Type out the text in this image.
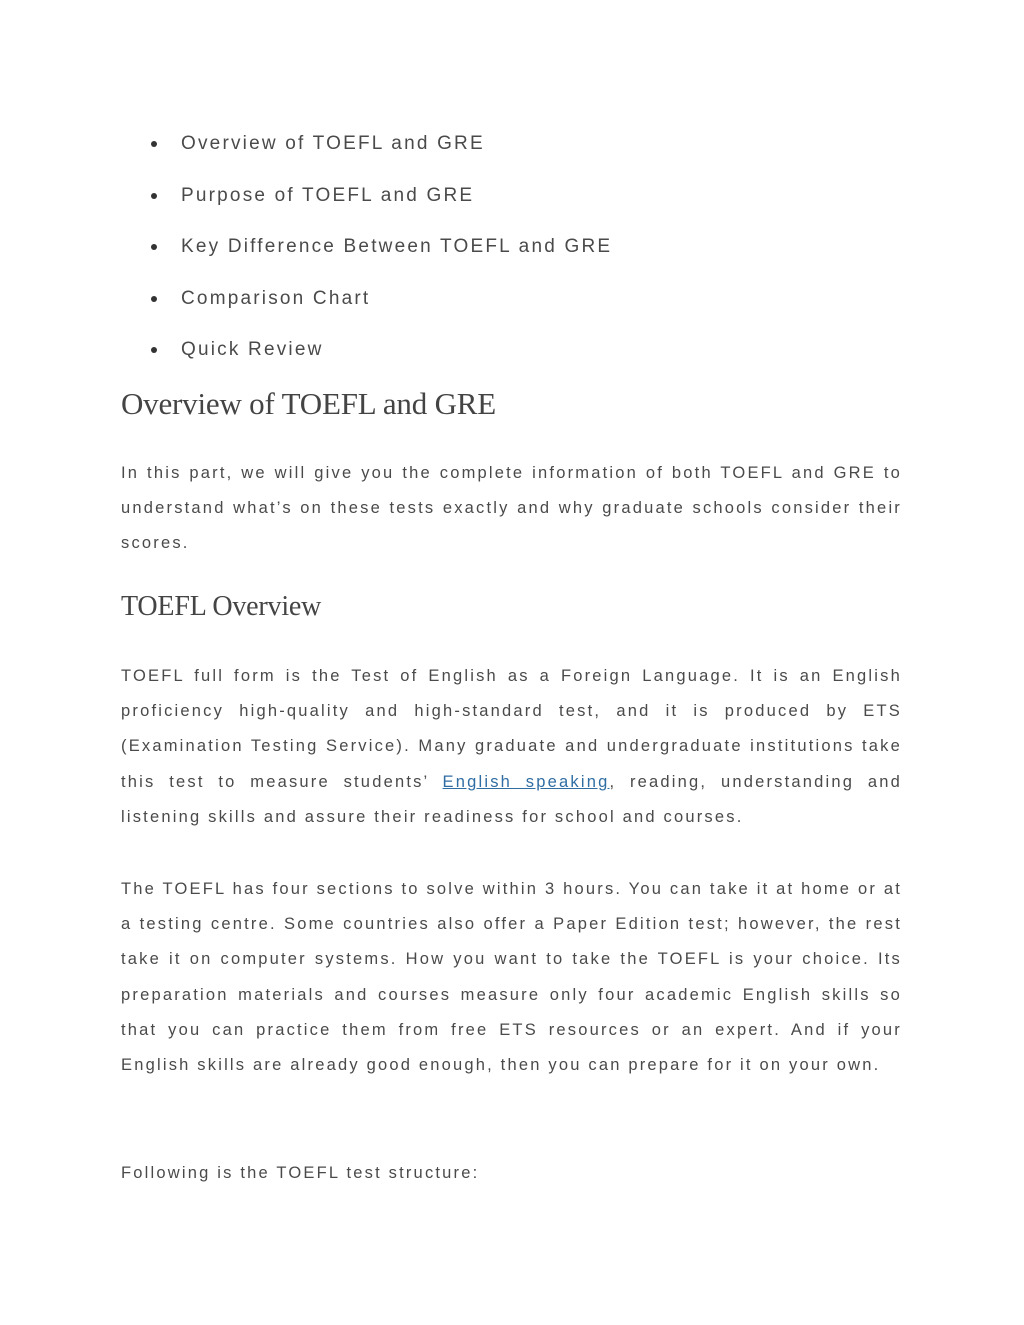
Overview of TOEFL and GRE
Purpose of TOEFL and GRE
Key Difference Between TOEFL and GRE
Comparison Chart
Quick Review
Overview of TOEFL and GRE

In this part, we will give you the complete information of both TOEFL and GRE to understand what’s on these tests exactly and why graduate schools consider their scores.

TOEFL Overview

TOEFL full form is the Test of English as a Foreign Language. It is an English proficiency high-quality and high-standard test, and it is produced by ETS (Examination Testing Service). Many graduate and undergraduate institutions take this test to measure students’ English speaking, reading, understanding and listening skills and assure their readiness for school and courses.

The TOEFL has four sections to solve within 3 hours. You can take it at home or at a testing centre. Some countries also offer a Paper Edition test; however, the rest take it on computer systems. How you want to take the TOEFL is your choice. Its preparation materials and courses measure only four academic English skills so that you can practice them from free ETS resources or an expert. And if your English skills are already good enough, then you can prepare for it on your own.

Following is the TOEFL test structure:
